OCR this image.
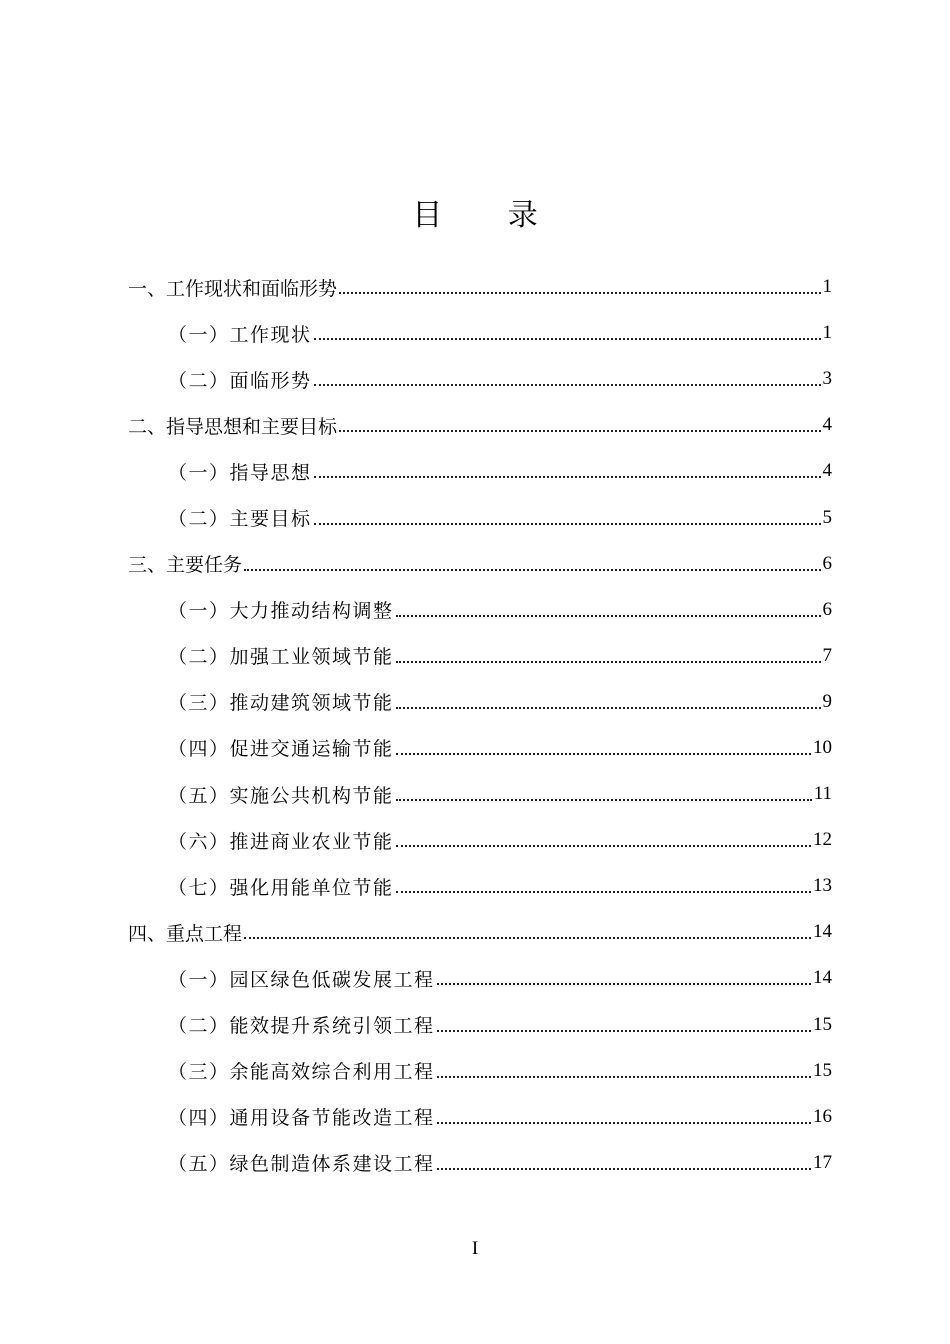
目 录
一、工作现状和面临形势	1
（一）工作现状	1
（二）面临形势	3
二、指导思想和主要目标	4
（一）指导思想	4
（二）主要目标	5
三、主要任务	6
（一）大力推动结构调整	6
（二）加强工业领域节能	7
（三）推动建筑领域节能	9
（四）促进交通运输节能	10
（五）实施公共机构节能	11
（六）推进商业农业节能	12
（七）强化用能单位节能	13
四、重点工程	14
（一）园区绿色低碳发展工程	14
（二）能效提升系统引领工程	15
（三）余能高效综合利用工程	15
（四）通用设备节能改造工程	16
（五）绿色制造体系建设工程	17
I
